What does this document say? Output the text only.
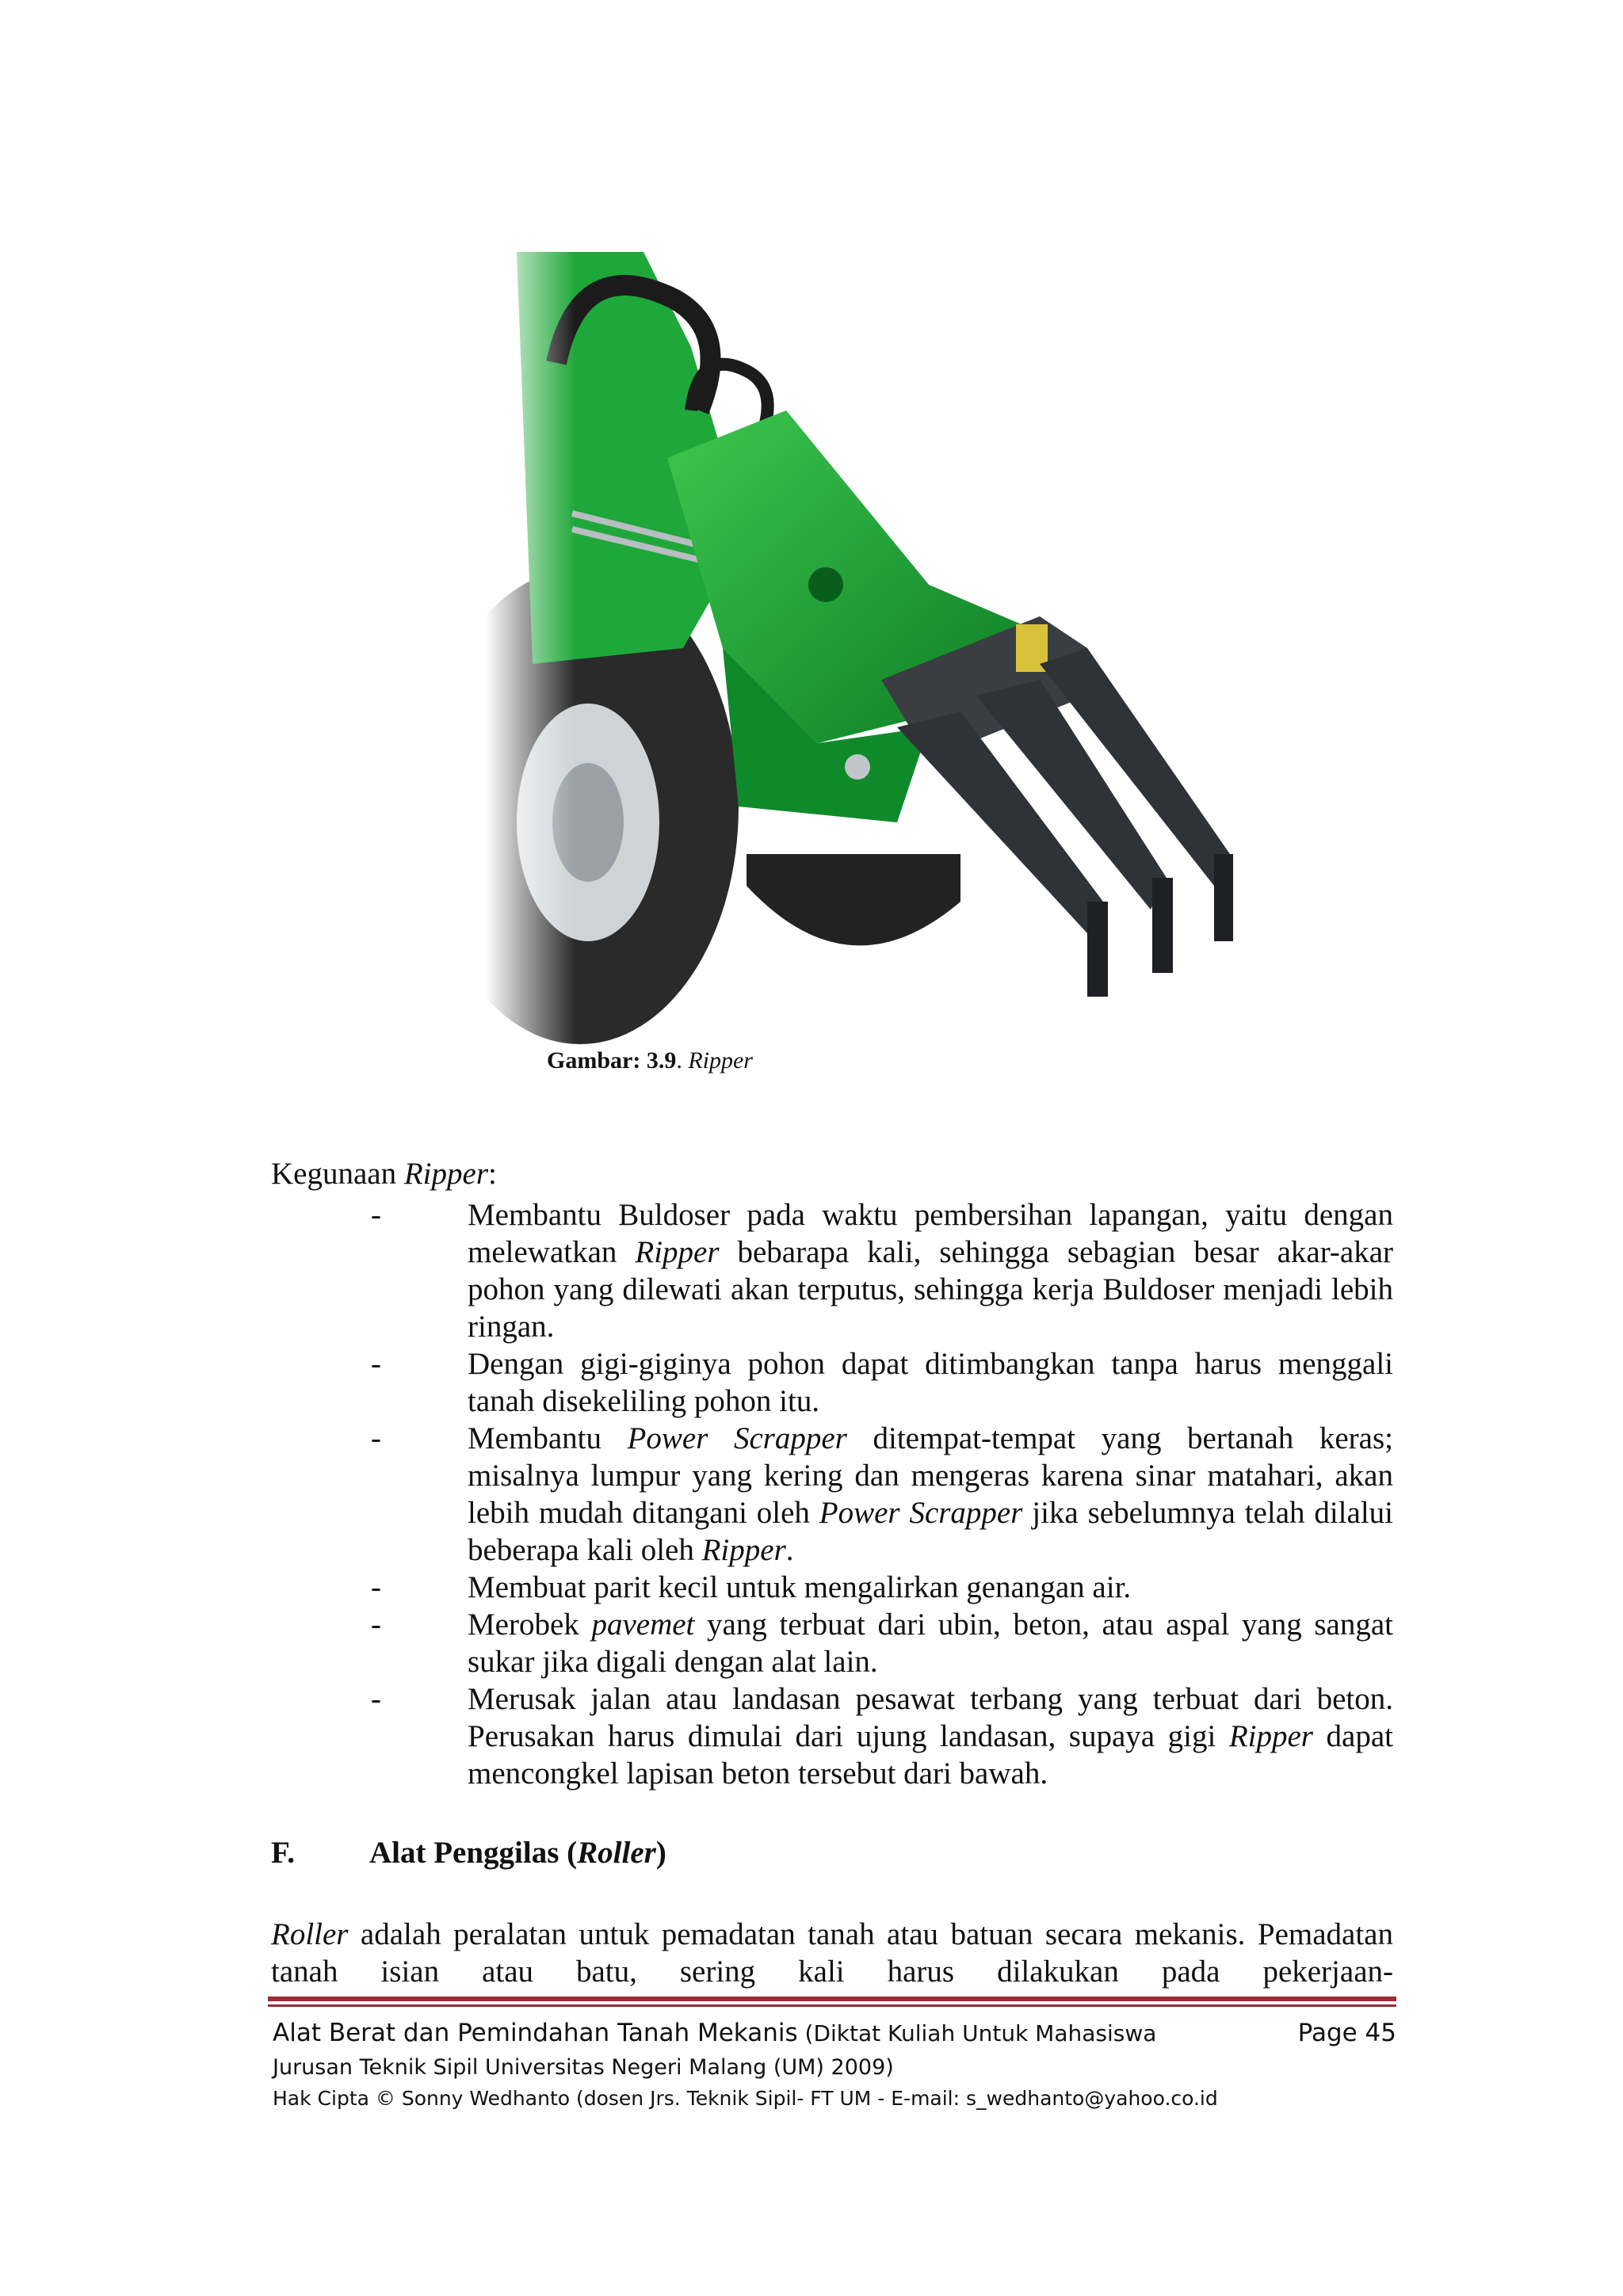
Gambar: 3.9. Ripper
Kegunaan Ripper:
-	Membantu Buldoser pada waktu pembersihan lapangan, yaitu dengan melewatkan Ripper bebarapa kali, sehingga sebagian besar akar-akar pohon yang dilewati akan terputus, sehingga kerja Buldoser menjadi lebih ringan.
-	Dengan gigi-giginya pohon dapat ditimbangkan tanpa harus menggali tanah disekeliling pohon itu.
-	Membantu Power Scrapper ditempat-tempat yang bertanah keras; misalnya lumpur yang kering dan mengeras karena sinar matahari, akan lebih mudah ditangani oleh Power Scrapper jika sebelumnya telah dilalui beberapa kali oleh Ripper.
-	Membuat parit kecil untuk mengalirkan genangan air.
-	Merobek pavemet yang terbuat dari ubin, beton, atau aspal yang sangat sukar jika digali dengan alat lain.
-	Merusak jalan atau landasan pesawat terbang yang terbuat dari beton. Perusakan harus dimulai dari ujung landasan, supaya gigi Ripper dapat mencongkel lapisan beton tersebut dari bawah.
F.	Alat Penggilas (Roller)
Roller adalah peralatan untuk pemadatan tanah atau batuan secara mekanis. Pemadatan tanah isian atau batu, sering kali harus dilakukan pada pekerjaan-
Alat Berat dan Pemindahan Tanah Mekanis (Diktat Kuliah Untuk Mahasiswa	Page 45
Jurusan Teknik Sipil Universitas Negeri Malang (UM) 2009)
Hak Cipta © Sonny Wedhanto (dosen Jrs. Teknik Sipil- FT UM - E-mail: s_wedhanto@yahoo.co.id
